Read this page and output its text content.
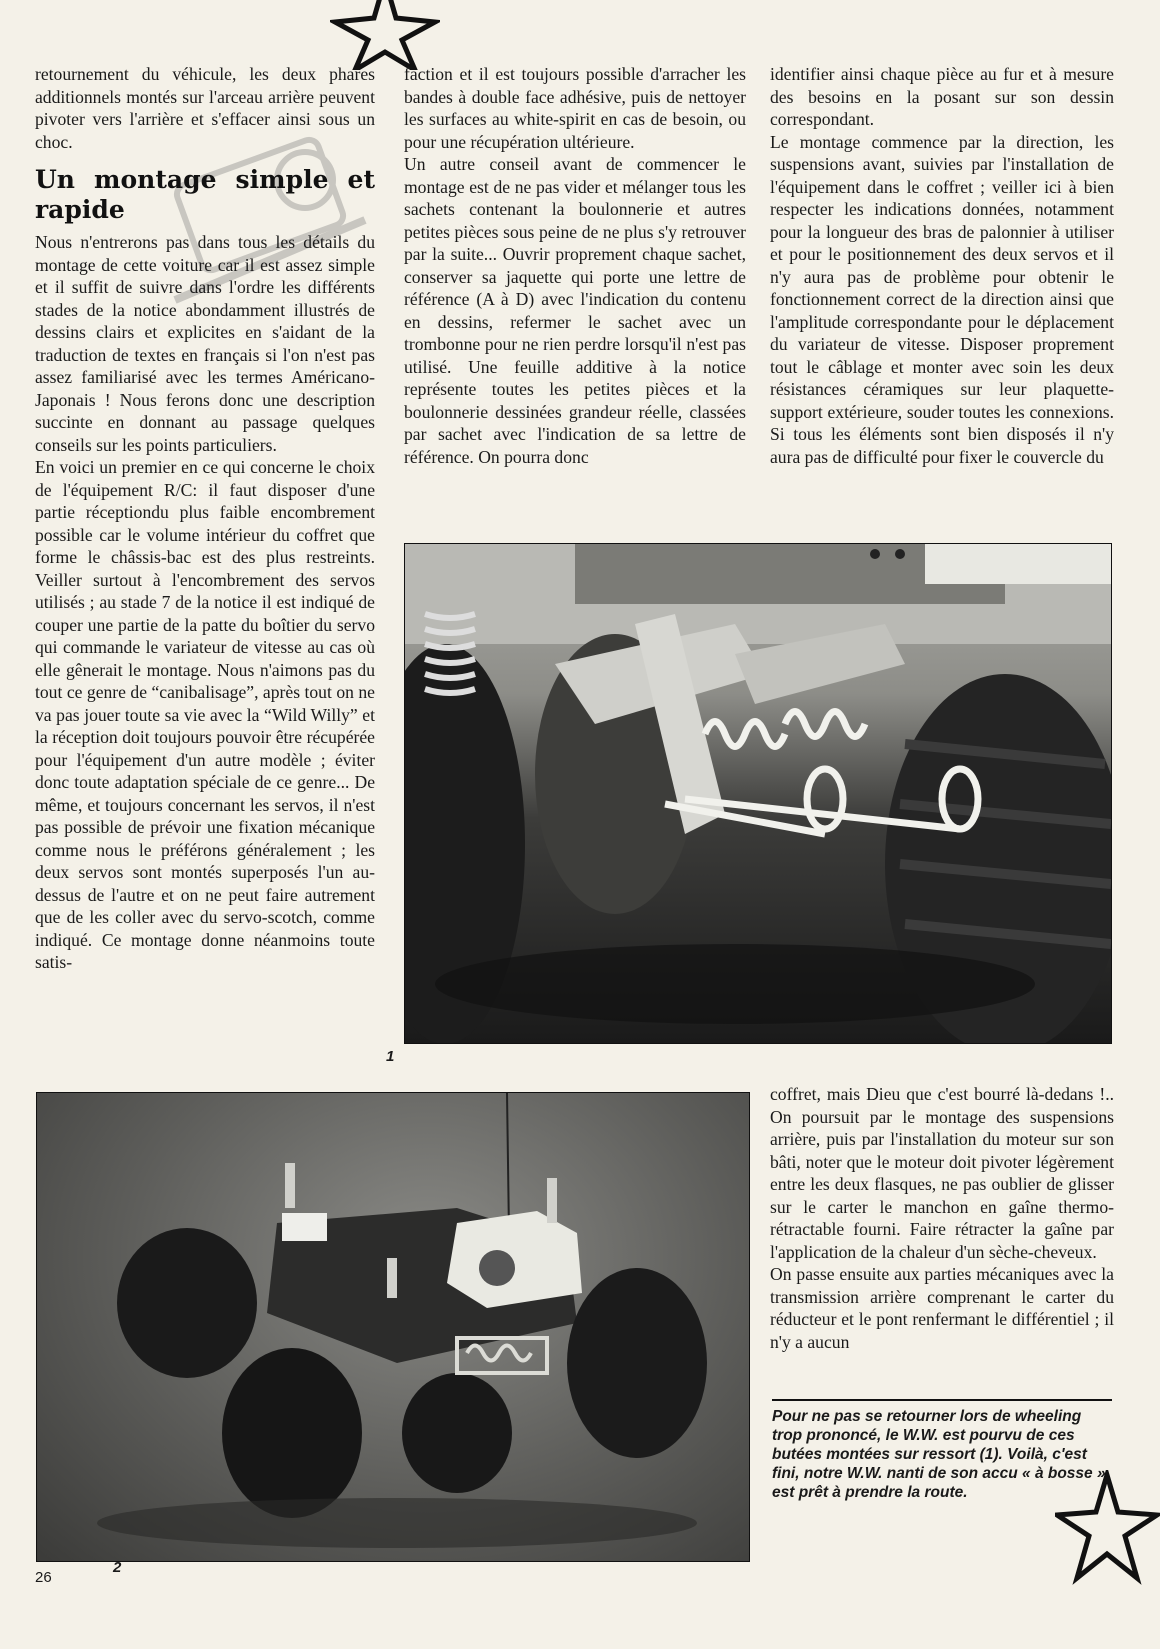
retournement du véhicule, les deux phares additionnels montés sur l'arceau arrière peuvent pivoter vers l'arrière et s'effacer ainsi sous un choc.

Un montage simple et rapide

Nous n'entrerons pas dans tous les détails du montage de cette voiture car il est assez simple et il suffit de suivre dans l'ordre les différents stades de la notice abondamment illustrés de dessins clairs et explicites en s'aidant de la traduction de textes en français si l'on n'est pas assez familiarisé avec les termes Américano-Japonais ! Nous ferons donc une description succinte en donnant au passage quelques conseils sur les points particuliers.

En voici un premier en ce qui concerne le choix de l'équipement R/C: il faut disposer d'une partie réceptiondu plus faible encombrement possible car le volume intérieur du coffret que forme le châssis-bac est des plus restreints. Veiller surtout à l'encombrement des servos utilisés ; au stade 7 de la notice il est indiqué de couper une partie de la patte du boîtier du servo qui commande le variateur de vitesse au cas où elle gênerait le montage. Nous n'aimons pas du tout ce genre de “canibalisage”, après tout on ne va pas jouer toute sa vie avec la “Wild Willy” et la réception doit toujours pouvoir être récupérée pour l'équipement d'un autre modèle ; éviter donc toute adaptation spéciale de ce genre... De même, et toujours concernant les servos, il n'est pas possible de prévoir une fixation mécanique comme nous le préférons généralement ; les deux servos sont montés superposés l'un au-dessus de l'autre et on ne peut faire autrement que de les coller avec du servo-scotch, comme indiqué. Ce montage donne néanmoins toute satis-

faction et il est toujours possible d'arracher les bandes à double face adhésive, puis de nettoyer les surfaces au white-spirit en cas de besoin, ou pour une récupération ultérieure.

Un autre conseil avant de commencer le montage est de ne pas vider et mélanger tous les sachets contenant la boulonnerie et autres petites pièces sous peine de ne plus s'y retrouver par la suite... Ouvrir proprement chaque sachet, conserver sa jaquette qui porte une lettre de référence (A à D) avec l'indication du contenu en dessins, refermer le sachet avec un trombonne pour ne rien perdre lorsqu'il n'est pas utilisé. Une feuille additive à la notice représente toutes les petites pièces et la boulonnerie dessinées grandeur réelle, classées par sachet avec l'indication de sa lettre de référence. On pourra donc

identifier ainsi chaque pièce au fur et à mesure des besoins en la posant sur son dessin correspondant.

Le montage commence par la direction, les suspensions avant, suivies par l'installation de l'équipement dans le coffret ; veiller ici à bien respecter les indications données, notamment pour la longueur des bras de palonnier à utiliser et pour le positionnement des deux servos et il n'y aura pas de problème pour obtenir le fonctionnement correct de la direction ainsi que l'amplitude correspondante pour le déplacement du variateur de vitesse. Disposer proprement tout le câblage et monter avec soin les deux résistances céramiques sur leur plaquette-support extérieure, souder toutes les connexions. Si tous les éléments sont bien disposés il n'y aura pas de difficulté pour fixer le couvercle du

1
2

coffret, mais Dieu que c'est bourré là-dedans !.. On poursuit par le montage des suspensions arrière, puis par l'installation du moteur sur son bâti, noter que le moteur doit pivoter légèrement entre les deux flasques, ne pas oublier de glisser sur le carter le manchon en gaîne thermo-rétractable fourni. Faire rétracter la gaîne par l'application de la chaleur d'un sèche-cheveux.

On passe ensuite aux parties mécaniques avec la transmission arrière comprenant le carter du réducteur et le pont renfermant le différentiel ; il n'y a aucun

Pour ne pas se retourner lors de wheeling trop prononcé, le W.W. est pourvu de ces butées montées sur ressort (1). Voilà, c'est fini, notre W.W. nanti de son accu « à bosse » est prêt à prendre la route.
26
